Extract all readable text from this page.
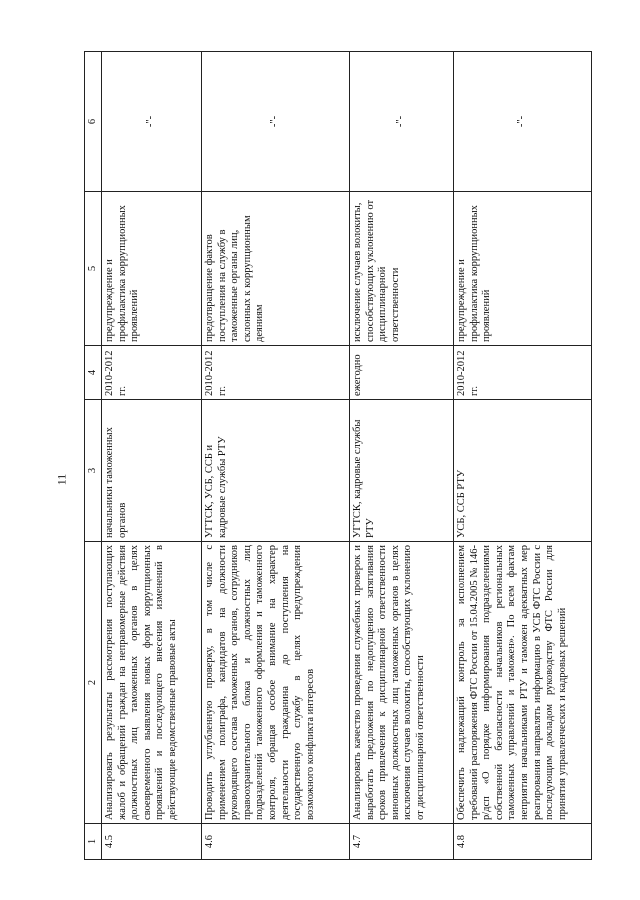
11
1	2	3	4	5	6
4.5	Анализировать результаты рассмотрения поступающих жалоб и обращений граждан на неправомерные действия должностных лиц таможенных органов в целях своевременного выявления новых форм коррупционных проявлений и последующего внесения изменений в действующие ведомственные правовые акты	начальники таможенных органов	2010-2012 гг.	предупреждение и профилактика коррупционных проявлений	-"-
4.6	Проводить углубленную проверку, в том числе с применением полиграфа, кандидатов на должности руководящего состава таможенных органов, сотрудников правоохранительного блока и должностных лиц подразделений таможенного оформления и таможенного контроля, обращая особое внимание на характер деятельности гражданина до поступления на государственную службу в целях предупреждения возможного конфликта интересов	УГТСК, УСБ, ССБ и кадровые службы РТУ	2010-2012 гг.	предотвращение фактов поступления на службу в таможенные органы лиц, склонных к коррупционным деяниям	-"-
4.7	Анализировать качество проведения служебных проверок и выработать предложения по недопущению затягивания сроков привлечения к дисциплинарной ответственности виновных должностных лиц таможенных органов в целях исключения случаев волокиты, способствующих уклонению от дисциплинарной ответственности	УГТСК, кадровые службы РТУ	ежегодно	исключение случаев волокиты, способствующих уклонению от дисциплинарной ответственности	-"-
4.8	Обеспечить надлежащий контроль за исполнением требований распоряжения ФТС России от 15.04.2005 № 146-р/дсп «О порядке информирования подразделениями собственной безопасности начальников региональных таможенных управлений и таможен». По всем фактам неприятия начальниками РТУ и таможен адекватных мер реагирования направлять информацию в УСБ ФТС России с последующим докладом руководству ФТС России для принятия управленческих и кадровых решений	УСБ, ССБ РТУ	2010-2012 гг.	предупреждение и профилактика коррупционных проявлений	-"-
